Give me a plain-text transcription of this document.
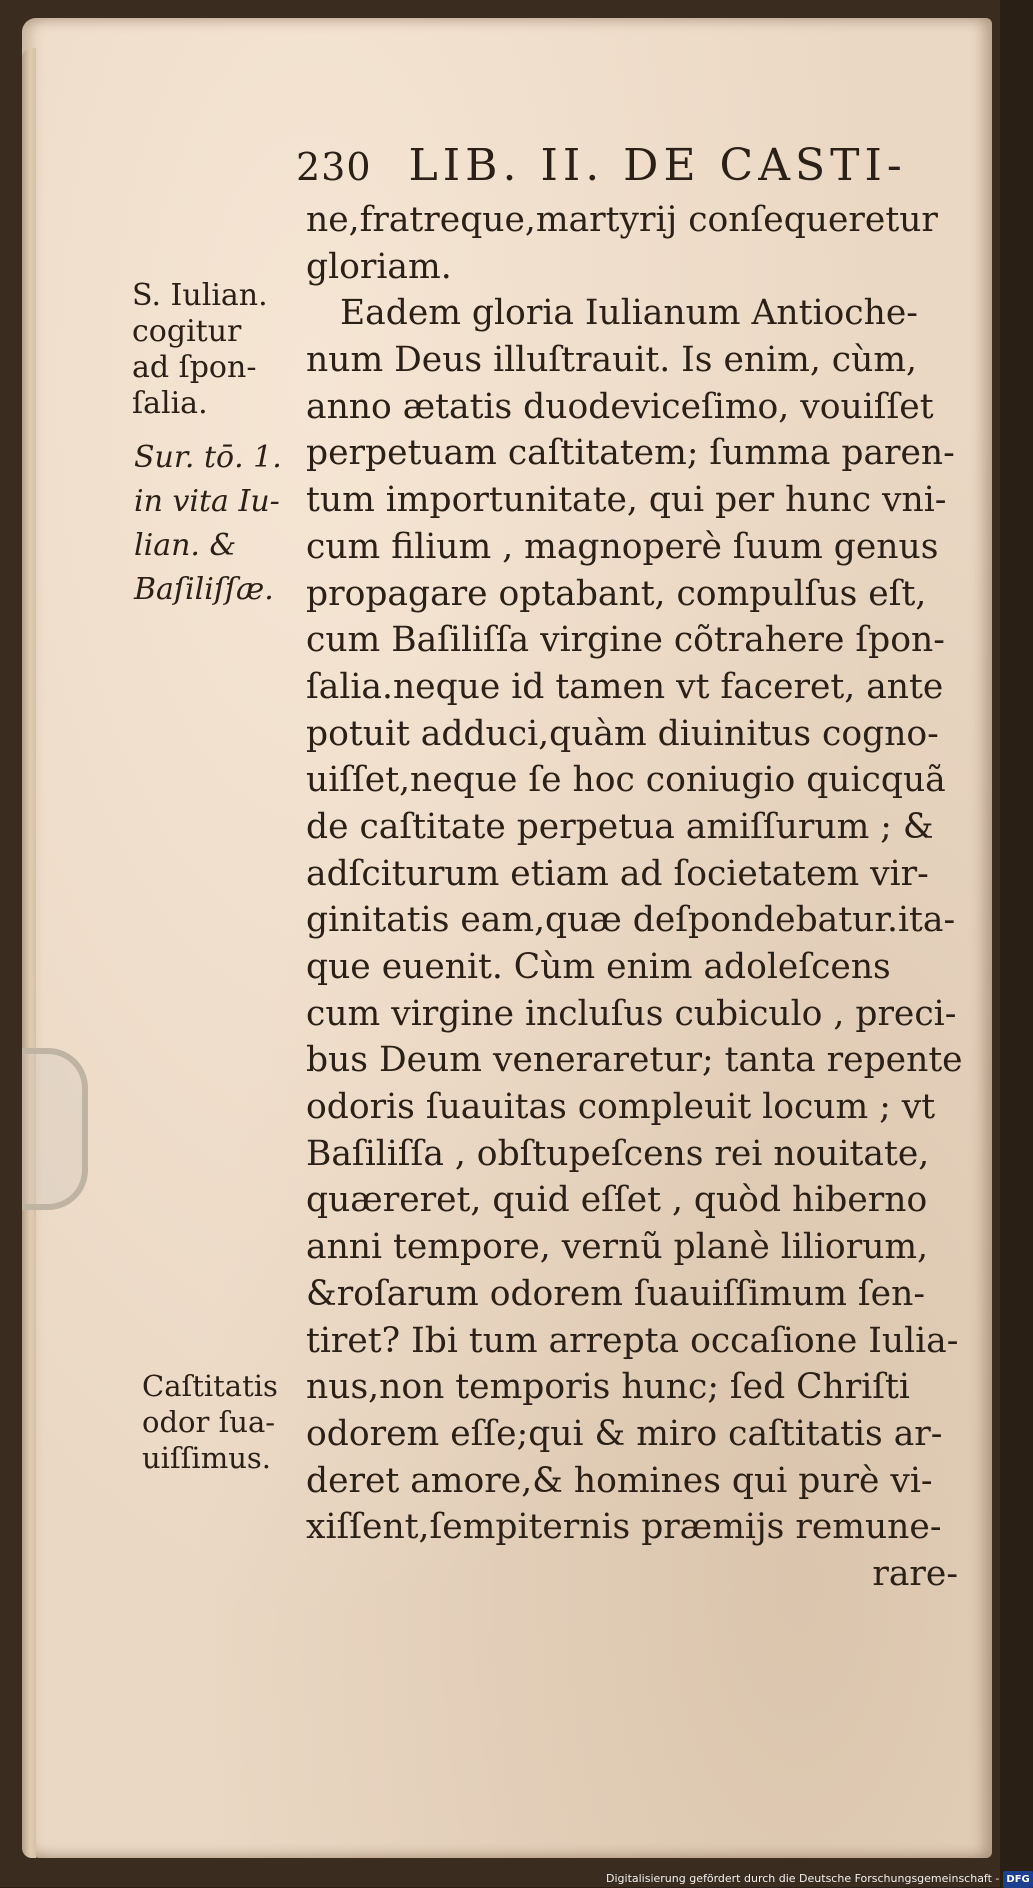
230 LIB. II. DE CASTI-
S. Iulian.
cogitur
ad ſpon-
ſalia.
Sur. tō. 1.
in vita Iu-
lian. &
Baſiliſſæ.
Caſtitatis
odor ſua-
uiſſimus.
ne,fratreque,martyrij conſequeretur
gloriam.
Eadem gloria Iulianum Antioche-
num Deus illuſtrauit. Is enim, cùm,
anno ætatis duodeviceſimo, vouiſſet
perpetuam caſtitatem; ſumma paren-
tum importunitate, qui per hunc vni-
cum filium , magnoperè ſuum genus
propagare optabant, compulſus eſt,
cum Baſiliſſa virgine cõtrahere ſpon-
ſalia.neque id tamen vt faceret, ante
potuit adduci,quàm diuinitus cogno-
uiſſet,neque ſe hoc coniugio quicquã
de caſtitate perpetua amiſſurum ; &
adſciturum etiam ad ſocietatem vir-
ginitatis eam,quæ deſpondebatur.ita-
que euenit. Cùm enim adoleſcens
cum virgine incluſus cubiculo , preci-
bus Deum veneraretur; tanta repente
odoris ſuauitas compleuit locum ; vt
Baſiliſſa , obſtupeſcens rei nouitate,
quæreret, quid eſſet , quòd hiberno
anni tempore, vernũ planè liliorum,
&roſarum odorem ſuauiſſimum ſen-
tiret? Ibi tum arrepta occaſione Iulia-
nus,non temporis hunc; ſed Chriſti
odorem eſſe;qui & miro caſtitatis ar-
deret amore,& homines qui purè vi-
xiſſent,ſempiternis præmijs remune-
rare-
Digitalisierung gefördert durch die Deutsche Forschungsgemeinschaft - DFG
